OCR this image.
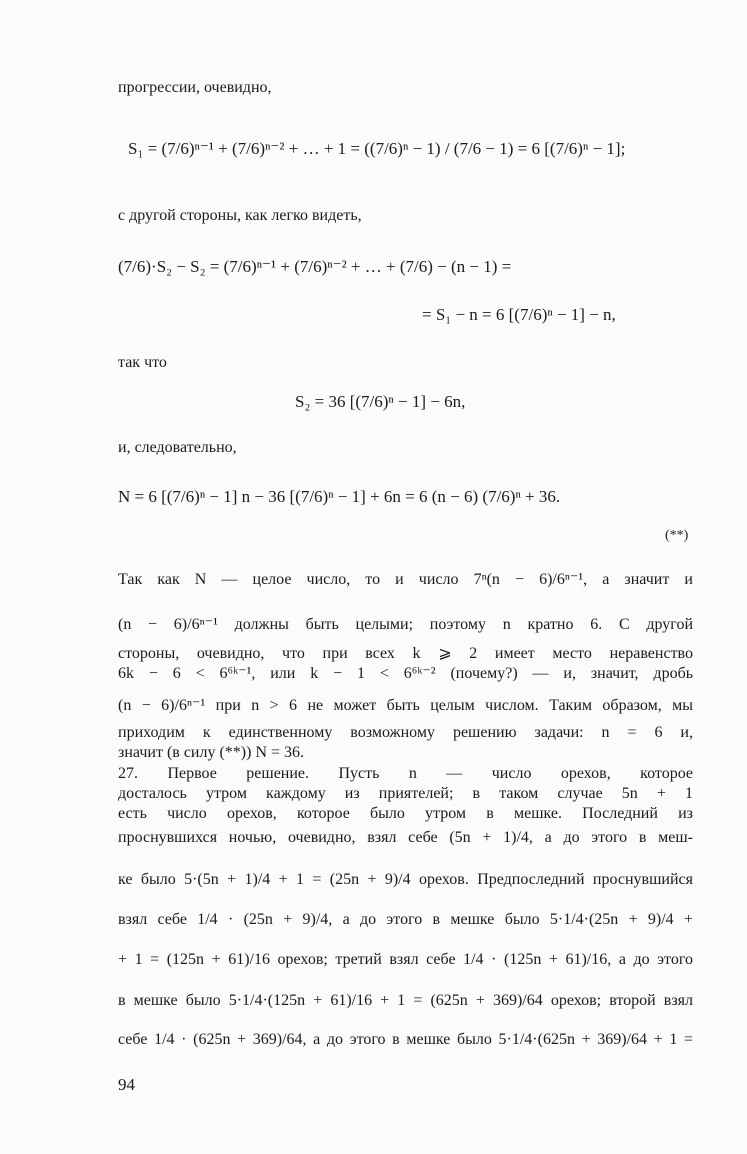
прогрессии, очевидно,
S₁ = (7/6)ⁿ⁻¹ + (7/6)ⁿ⁻² + … + 1 = ((7/6)ⁿ − 1) / (7/6 − 1) = 6 [(7/6)ⁿ − 1];
с другой стороны, как легко видеть,
(7/6)·S₂ − S₂ = (7/6)ⁿ⁻¹ + (7/6)ⁿ⁻² + … + (7/6) − (n − 1) =
= S₁ − n = 6 [(7/6)ⁿ − 1] − n,
так что
S₂ = 36 [(7/6)ⁿ − 1] − 6n,
и, следовательно,
N = 6 [(7/6)ⁿ − 1] n − 36 [(7/6)ⁿ − 1] + 6n = 6 (n − 6) (7/6)ⁿ + 36.
(**)
Так как N — целое число, то и число 7ⁿ(n − 6)/6ⁿ⁻¹, а значит и
(n − 6)/6ⁿ⁻¹ должны быть целыми; поэтому n кратно 6. С другой
стороны, очевидно, что при всех k ⩾ 2 имеет место неравенство
6k − 6 < 6⁶ᵏ⁻¹, или k − 1 < 6⁶ᵏ⁻² (почему?) — и, значит, дробь
(n − 6)/6ⁿ⁻¹ при n > 6 не может быть целым числом. Таким образом, мы
приходим к единственному возможному решению задачи: n = 6 и,
значит (в силу (**)) N = 36.
27. Первое решение. Пусть n — число орехов, которое
досталось утром каждому из приятелей; в таком случае 5n + 1
есть число орехов, которое было утром в мешке. Последний из
проснувшихся ночью, очевидно, взял себе (5n + 1)/4, а до этого в меш-
ке было 5·(5n + 1)/4 + 1 = (25n + 9)/4 орехов. Предпоследний проснувшийся
взял себе 1/4 · (25n + 9)/4, а до этого в мешке было 5·1/4·(25n + 9)/4 +
+ 1 = (125n + 61)/16 орехов; третий взял себе 1/4 · (125n + 61)/16, а до этого
в мешке было 5·1/4·(125n + 61)/16 + 1 = (625n + 369)/64 орехов; второй взял
себе 1/4 · (625n + 369)/64, а до этого в мешке было 5·1/4·(625n + 369)/64 + 1 =
94
